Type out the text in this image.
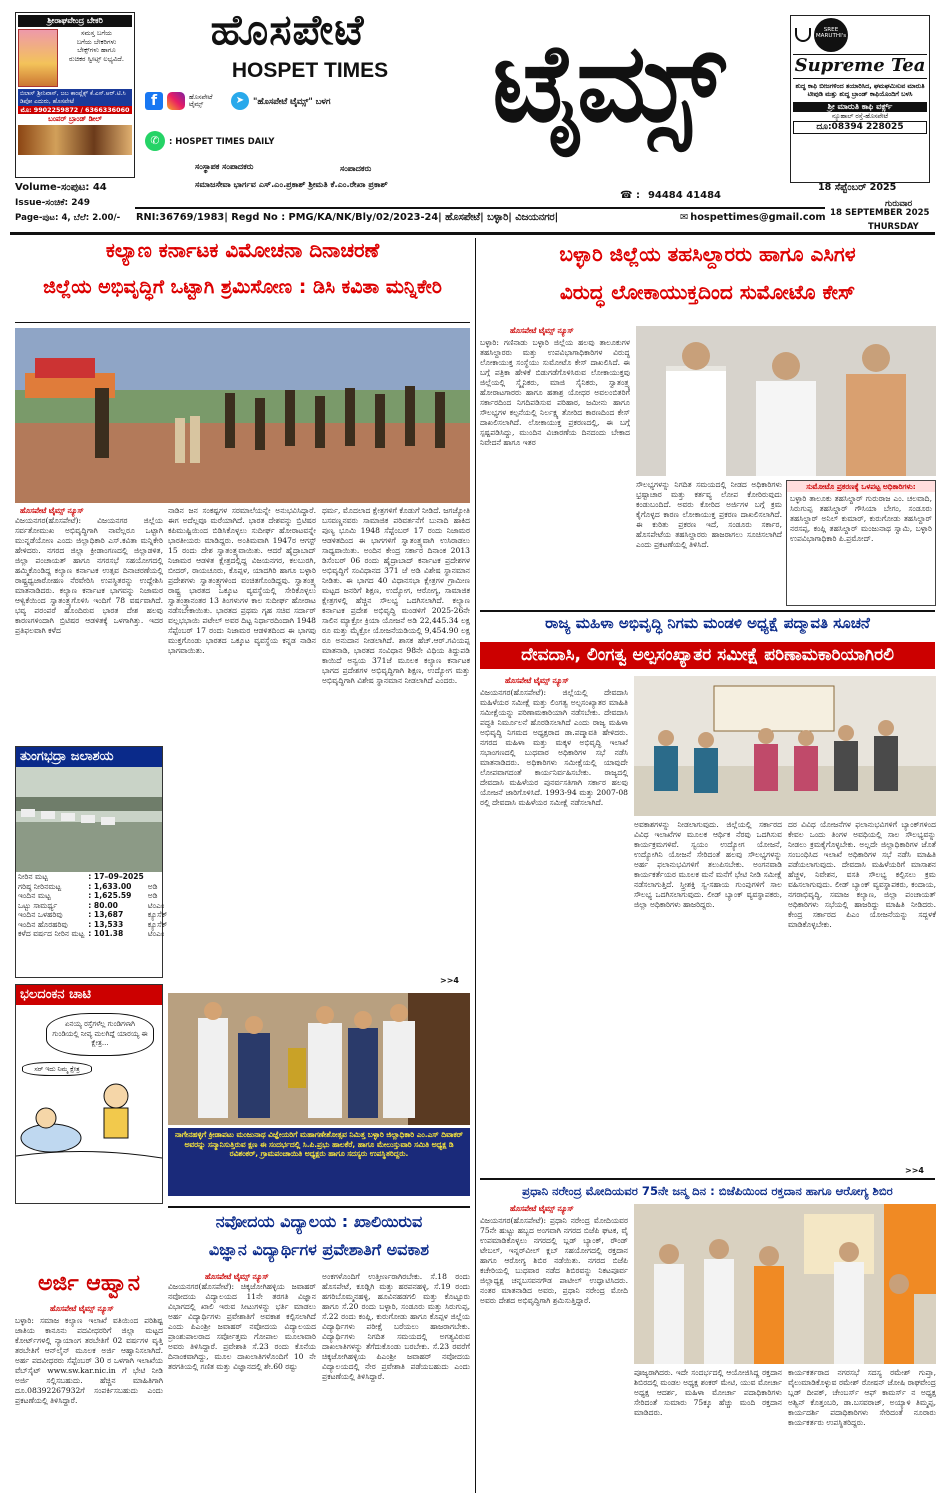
ಶ್ರೀರಾಘವೇಂದ್ರ ಬೇಕರಿ
ಸಮಸ್ತ ಬಗೆಯ
ಬಗೆಯ ಬೇಕರಿಗಳು
ಬೇಕ್ಸ್‌ಗಳು ಹಾಗೂ
ರುಚಿಕರ ಸ್ವೀಟ್ಸ್ ಲಭ್ಯವಿದೆ.
ಬಿಲಾಸ್ ಶ್ರೀನಿವಾಸ್, ಜಬ ಕಾಂಪ್ಲೆಕ್ಸ್ ಕೆ.ಎಸ್.ಆರ್.ಟಿ.ಸಿ ಡಿಪೋ ಎದುರು, ಹೊಸಪೇಟೆ
ಮೊ: 9902259872 / 6366336060
ಬಂಪರ್ ಬ್ರಾಂಡ್ ಡೀಲ್
ಹೊಸಪೇಟೆ
HOSPET TIMES
f	ಹೊಸಪೇಟೆ ಟೈಮ್ಸ್	➤	"ಹೊಸಪೇಟೆ ಟೈಮ್ಸ್" ಬಳಗ
✆	: HOSPET TIMES DAILY	ಟೈಮ್ಸ್	SREE MARUTHI's
Supreme Tea
ಶುದ್ಧ ಕಾಫಿ ಬೀಜಗಳಿಂದ ತಯಾರಿಸಿದ, ಘಮಘಮಿಸುವ ಮಾರುತಿ ಟೀಪುಡಿ ಮತ್ತು ಶುದ್ಧ ಬ್ರಾಂಡ್ ಕಾಫಿಯೊಂದಿಗೆ ಬಳಸಿ
ಶ್ರೀ ಮಾರುತಿ ಕಾಫಿ ವರ್ಕ್ಸ್
ನ್ಯೂಹಾಲ್ ರಸ್ತೆ-ಹೊಸಪೇಟೆ
ದೂ:08394 228025
ಸಂಸ್ಥಾಪಕ ಸಂಪಾದಕರು	ಸಂಪಾದಕರು
ಸಮಾಜಸೇವಾ ಭಾರ್ಗವ ಎಸ್.ಎಂ.ಪ್ರಕಾಶ್ ಶ್ರೀಮತಿ ಕೆ.ಎಂ.ರೇಖಾ ಪ್ರಕಾಶ್
☎ : 94484 41484
18 ಸೆಪ್ಟೆಂಬರ್ 2025
ಗುರುವಾರ
Volume-ಸಂಪುಟ: 44
Issue-ಸಂಚಿಕೆ: 249
Page-ಪುಟ: 4, ಬೆಲೆ: 2.00/- RNI:36769/1983| Regd No : PMG/KA/NK/Bly/02/2023-24| ಹೊಸಪೇಟೆ| ಬಳ್ಳಾರಿ| ವಿಜಯನಗರ|	✉ hospettimes@gmail.com 18 SEPTEMBER 2025
THURSDAY
ಕಲ್ಯಾಣ ಕರ್ನಾಟಕ ವಿಮೋಚನಾ ದಿನಾಚರಣೆ
ಜಿಲ್ಲೆಯ ಅಭಿವೃದ್ಧಿಗೆ ಒಟ್ಟಾಗಿ ಶ್ರಮಿಸೋಣ : ಡಿಸಿ ಕವಿತಾ ಮನ್ನಿಕೇರಿ
ಹೊಸಪೇಟೆ ಟೈಮ್ಸ್ ನ್ಯೂಸ್
ವಿಜಯನಗರ(ಹೊಸಪೇಟೆ): ವಿಜಯನಗರ ಜಿಲ್ಲೆಯ ಸರ್ವತೋಮುಖ ಅಭಿವೃದ್ಧಿಗಾಗಿ ನಾವೆಲ್ಲರೂ ಒಟ್ಟಾಗಿ ಮುನ್ನಡೆಯೋಣ ಎಂದು ಜಿಲ್ಲಾಧಿಕಾರಿ ಎಸ್.ಕವಿತಾ ಮನ್ನಿಕೇರಿ ಹೇಳಿದರು. ನಗರದ ಜಿಲ್ಲಾ ಕ್ರೀಡಾಂಗಣದಲ್ಲಿ ಜಿಲ್ಲಾಡಳಿತ, ಜಿಲ್ಲಾ ಪಂಚಾಯತ್ ಹಾಗೂ ನಗರಸಭೆ ಸಹಯೋಗದಲ್ಲಿ ಹಮ್ಮಿಕೊಂಡಿದ್ದ ಕಲ್ಯಾಣ ಕರ್ನಾಟಕ ಉತ್ಸವ ದಿನಾಚರಣೆಯಲ್ಲಿ ರಾಷ್ಟ್ರಧ್ವಜಾರೋಹಣ ನೆರವೇರಿಸಿ ಉಪಸ್ಥಿತರನ್ನು ಉದ್ದೇಶಿಸಿ ಮಾತನಾಡಿದರು. ಕಲ್ಯಾಣ ಕರ್ನಾಟಕ ಭಾಗವನ್ನು ನಿಜಾಮರ ಆಳ್ವಿಕೆಯಿಂದ ಸ್ವಾತಂತ್ರ್ಯಗೊಳಿಸಿ ಇಂದಿಗೆ 78 ವರ್ಷವಾಗಿದೆ. ಭವ್ಯ ಪರಂಪರೆ ಹೊಂದಿರುವ ಭಾರತ ದೇಶ ಹಲವು ಕಾರಣಗಳಿಂದಾಗಿ ಬ್ರಿಟಿಷರ ಆಡಳಿತಕ್ಕೆ ಒಳಗಾಗಿತ್ತು. ಇದರ ಪ್ರತಿಫಲವಾಗಿ ಕಳೆದ
ನಾಡಿನ ಜನ ಸಂಕಷ್ಟಗಳ ಸರಮಾಲೆಯನ್ನೇ ಅನುಭವಿಸಿದ್ದಾರೆ. ಈಗ ಅದೆಲ್ಲವೂ ಮರೆಯಾಗಿದೆ. ಭಾರತ ದೇಶವನ್ನು ಬ್ರಿಟಿಷರ ಕಪಿಮುಷ್ಟಿಯಿಂದ ಬಿಡಿಸಿಕೊಳ್ಳಲು ಸುದೀರ್ಘ ಹೋರಾಟವನ್ನೇ ಭಾರತೀಯರು ಮಾಡಿದ್ದರು. ಅಂತಿಮವಾಗಿ 1947ರ ಆಗಸ್ಟ್ 15 ರಂದು ದೇಶ ಸ್ವಾತಂತ್ರ್ಯವಾಯಿತು. ಆದರೆ ಹೈದ್ರಾಬಾದ್ ನಿಜಾಮರ ಆಡಳಿತ ಕ್ಷೇತ್ರದಲ್ಲಿದ್ದ ವಿಜಯನಗರ, ಕಲಬುರಗಿ, ಬೀದರ್, ರಾಯಚೂರು, ಕೊಪ್ಪಳ, ಯಾದಗಿರಿ ಹಾಗೂ ಬಳ್ಳಾರಿ ಪ್ರದೇಶಗಳು ಸ್ವಾತಂತ್ರ್ಯಗಳಿಂದ ವಂಚಿತಗೊಂಡಿದ್ದವು. ಸ್ವಾತಂತ್ರ್ಯ ರಾಷ್ಟ್ರ ಭಾರತದ ಒಕ್ಕೂಟ ವ್ಯವಸ್ಥೆಯಲ್ಲಿ ಸೇರಿಕೊಳ್ಳಲು ಸ್ವಾತಂತ್ರ್ಯಾನಂತರ 13 ತಿಂಗಳುಗಳ ಕಾಲ ಸುದೀರ್ಘ ಹೋರಾಟ ನಡೆಸಬೇಕಾಯಿತು. ಭಾರತದ ಪ್ರಥಮ ಗೃಹ ಸಚಿವ ಸರ್ದಾರ್ ವಲ್ಲಭಭಾಯಿ ಪಟೇಲ್ ಅವರ ದಿಟ್ಟ ನಿರ್ಧಾರದಿಂದಾಗಿ 1948 ಸೆಪ್ಟೆಂಬರ್ 17 ರಂದು ನಿಜಾಮರ ಆಡಳಿತದಿಂದ ಈ ಭಾಗವು ಮುಕ್ತಗೊಂಡು ಭಾರತದ ಒಕ್ಕೂಟ ವ್ಯವಸ್ಥೆಯ ಕನ್ನಡ ನಾಡಿನ ಭಾಗವಾಯಿತು.
ಧರ್ಮ, ಮೊದಲಾದ ಕ್ಷೇತ್ರಗಳಿಗೆ ಕೊಡುಗೆ ನೀಡಿದೆ. ಜಗಜ್ಯೋತಿ ಬಸವಣ್ಣನವರು ಸಾಮಾಜಿಕ ಪರಿವರ್ತನೆಗೆ ಬುನಾದಿ ಹಾಕಿದ ಪುಣ್ಯ ಭೂಮಿ 1948 ಸೆಪ್ಟೆಂಬರ್ 17 ರಂದು ನಿಜಾಮರ ಆಡಳಿತದಿಂದ ಈ ಭಾಗಗಳಿಗೆ ಸ್ವಾತಂತ್ರ್ಯವಾಗಿ ಉಸಿರಾಡಲು ಸಾಧ್ಯವಾಯಿತು. ಅಂದಿನ ಕೇಂದ್ರ ಸರ್ಕಾರ ದಿನಾಂಕ 2013 ಡಿಸೆಂಬರ್ 06 ರಂದು ಹೈದ್ರಾಬಾದ್ ಕರ್ನಾಟಕ ಪ್ರದೇಶಗಳ ಅಭಿವೃದ್ಧಿಗೆ ಸಂವಿಧಾನದ 371 ಜೆ ಅಡಿ ವಿಶೇಷ ಸ್ಥಾನಮಾನ ನೀಡಿತು. ಈ ಭಾಗದ 40 ವಿಧಾನಸಭಾ ಕ್ಷೇತ್ರಗಳ ಗ್ರಾಮೀಣ ಮಟ್ಟದ ಜನರಿಗೆ ಶಿಕ್ಷಣ, ಉದ್ಯೋಗ, ಆರೋಗ್ಯ, ಸಾಮಾಜಿಕ ಕ್ಷೇತ್ರಗಳಲ್ಲಿ ಹೆಚ್ಚಿನ ಸೌಲಭ್ಯ ಒದಗಿಸಲಾಗಿದೆ. ಕಲ್ಯಾಣ ಕರ್ನಾಟಕ ಪ್ರದೇಶ ಅಭಿವೃದ್ಧಿ ಮಂಡಳಿಗೆ 2025-26ನೇ ಸಾಲಿನ ಮ್ಯಾಕ್ರೋ ಕ್ರಿಯಾ ಯೋಜನೆ ಅಡಿ 22,445.34 ಲಕ್ಷ ರೂ ಮತ್ತು ಮೈಕ್ರೋ ಯೋಜನೆಯಡಿಯಲ್ಲಿ 9,454.90 ಲಕ್ಷ ರೂ ಅನುದಾನ ನೀಡಲಾಗಿದೆ. ಶಾಸಕ ಹೆಚ್.ಆರ್.ಗವಿಯಪ್ಪ ಮಾತನಾಡಿ, ಭಾರತದ ಸಂವಿಧಾನ 98ನೇ ವಿಧಿಯ ತಿದ್ದುಪಡಿ ಕಾಯಿದೆ ಅನ್ವಯ 371ಜೆ ಮೂಲಕ ಕಲ್ಯಾಣ ಕರ್ನಾಟಕ ಭಾಗದ ಪ್ರದೇಶಗಳ ಅಭಿವೃದ್ಧಿಗಾಗಿ ಶಿಕ್ಷಣ, ಉದ್ಯೋಗ ಮತ್ತು ಅಭಿವೃದ್ಧಿಗಾಗಿ ವಿಶೇಷ ಸ್ಥಾನಮಾನ ನೀಡಲಾಗಿದೆ ಎಂದರು.
>>4
ತುಂಗಭದ್ರಾ ಜಲಾಶಯ
ನೀರಿನ ಮಟ್ಟ	: 17–09–2025	
ಗರಿಷ್ಠ ನೀರಿನಮಟ್ಟ	: 1,633.00	ಅಡಿ
ಇಂದಿನ ಮಟ್ಟ	: 1,625.59	ಅಡಿ
ಒಟ್ಟು ಸಾಮರ್ಥ್ಯ	: 80.00	ಟಿಂಎಂ
ಇಂದಿನ ಒಳಹರಿವು	: 13,687	ಕ್ಯೂಸೆಕ್
ಇಂದಿನ ಹೊರಹರಿವು	: 13,533	ಕ್ಯೂಸೆಕ್
ಕಳೆದ ವರ್ಷದ ನೀರಿನ ಮಟ್ಟ	: 101.38	ಟಿಂಎಂ
ಭಲದಂಕನ ಚಾಟಿ
ಏನಯ್ಯ ರಸ್ತೆಗಳೆಲ್ಲ ಗುಂಡಿಗಳಾಗಿ ಗುಂಡಿಯಲ್ಲಿ ನೀವ್ಯ ಮಲಗಿದ್ದೆ ಯಾರಯ್ಯ ಈ ಕ್ಷೇತ್ರ...
ಸರ್ ಇದು ನಿಮ್ಮ ಕ್ಷೇತ್ರ
ಅರ್ಜಿ ಆಹ್ವಾನ
ಹೊಸಪೇಟೆ ಟೈಮ್ಸ್ ನ್ಯೂಸ್
ಬಳ್ಳಾರಿ: ಸಮಾಜ ಕಲ್ಯಾಣ ಇಲಾಖೆ ವತಿಯಿಂದ ಪರಿಶಿಷ್ಟ ಜಾತಿಯ ಕಾನೂನು ಪದವೀಧರರಿಗೆ ಜಿಲ್ಲಾ ಮಟ್ಟದ ಕೋರ್ಟ್‌ಗಳಲ್ಲಿ ನ್ಯಾಯಾಂಗ ತರಬೇತಿಗೆ 02 ವರ್ಷಗಳ ವೃತ್ತಿ ತರಬೇತಿಗೆ ಆನ್‌ಲೈನ್ ಮೂಲಕ ಅರ್ಜಿ ಆಹ್ವಾನಿಸಲಾಗಿದೆ. ಅರ್ಹ ಪದವೀಧರರು ಸೆಪ್ಟೆಂಬರ್ 30 ರ ಒಳಗಾಗಿ ಇಲಾಖೆಯ ವೆಬ್‌ಸೈಟ್ www.sw.kar.nic.in ಗೆ ಭೇಟಿ ನೀಡಿ ಅರ್ಜಿ ಸಲ್ಲಿಸಬಹುದು. ಹೆಚ್ಚಿನ ಮಾಹಿತಿಗಾಗಿ ದೂ.08392267932ಗೆ ಸಂಪರ್ಕಿಸಬಹುದು ಎಂದು ಪ್ರಕಟಣೆಯಲ್ಲಿ ತಿಳಿಸಿದ್ದಾರೆ.
ನಾಗೇನಹಳ್ಳಿಗೆ ಕ್ರೀಡಾಪಟು ಮಂಜುನಾಥ ವಿಜ್ಞೇಯರಿಗೆ ಮಹಾಗಣೇಶೋತ್ಸವ ನಿಮಿತ್ತ ಬಳ್ಳಾರಿ ಜಿಲ್ಲಾಧಿಕಾರಿ ಎಂ.ಎಸ್ ದಿವಾಕರ್ ಅವರನ್ನು ಸನ್ಮಾನಿಸುತ್ತಿರುವ ಕ್ಷಣ ಈ ಸಂದರ್ಭದಲ್ಲಿ ಸಿ.ಪಿ.ಪ್ರಭು ಹಾಲಕೆರೆ, ಹಾಗೂ ಮೇಲುಸ್ತುವಾರಿ ಸಮಿತಿ ಅಧ್ಯಕ್ಷ ಡಿ ರವಿಶಂಕರ್, ಗ್ರಾಮಪಂಚಾಯಿತಿ ಅಧ್ಯಕ್ಷರು ಹಾಗೂ ಸದಸ್ಯರು ಉಪಸ್ಥಿತರಿದ್ದರು.
ನವೋದಯ ವಿದ್ಯಾಲಯ : ಖಾಲಿಯಿರುವ
ವಿಜ್ಞಾನ ವಿದ್ಯಾರ್ಥಿಗಳ ಪ್ರವೇಶಾತಿಗೆ ಅವಕಾಶ
ಹೊಸಪೇಟೆ ಟೈಮ್ಸ್ ನ್ಯೂಸ್
ವಿಜಯನಗರ(ಹೊಸಪೇಟೆ): ಚಿಕ್ಕಜೋಗಿಹಳ್ಳಿಯ ಜವಾಹರ್ ನವೋದಯ ವಿದ್ಯಾಲಯದ 11ನೇ ತರಗತಿ ವಿಜ್ಞಾನ ವಿಭಾಗದಲ್ಲಿ ಖಾಲಿ ಇರುವ ಸೀಟುಗಳನ್ನು ಭರ್ತಿ ಮಾಡಲು ಅರ್ಹ ವಿದ್ಯಾರ್ಥಿಗಳು ಪ್ರವೇಶಾತಿಗೆ ಅವಕಾಶ ಕಲ್ಪಿಸಲಾಗಿದೆ ಎಂದು ಪಿಎಂಶ್ರೀ ಜವಾಹರ್ ನವೋದಯ ವಿದ್ಯಾಲಯದ ಪ್ರಾಂಶುಪಾಲರಾದ ಸರ್ವೋತ್ತಮ ಗೋಪಾಲ ಮೂಲಾವಾರಿ ಅವರು ತಿಳಿಸಿದ್ದಾರೆ. ಪ್ರವೇಶಾತಿ ಸೆ.23 ರಂದು ಕೊನೆಯ ದಿನಾಂಕವಾಗಿದ್ದು, ಮೂಲ ದಾಖಲಾತಿಗಳೊಂದಿಗೆ 10 ನೇ ತರಗತಿಯಲ್ಲಿ ಗಣಿತ ಮತ್ತು ವಿಜ್ಞಾನದಲ್ಲಿ ಶೇ.60 ರಷ್ಟು
ಅಂಕಗಳೊಂದಿಗೆ ಉತ್ತೀರ್ಣರಾಗಿರಬೇಕು. ಸೆ.18 ರಂದು ಹೊಸಪೇಟೆ, ಕೂಡ್ಲಿಗಿ ಮತ್ತು ಹರಪನಹಳ್ಳಿ, ಸೆ.19 ರಂದು ಹಗರಿಬೊಮ್ಮನಹಳ್ಳಿ, ಹೂವಿನಹಡಗಲಿ ಮತ್ತು ಕೊಟ್ಟೂರು ಹಾಗೂ ಸೆ.20 ರಂದು ಬಳ್ಳಾರಿ, ಸಂಡೂರು ಮತ್ತು ಸಿರುಗುಪ್ಪ, ಸೆ.22 ರಂದು ಕಂಪ್ಲಿ, ಕುರುಗೋಡು ಹಾಗೂ ಕೊಪ್ಪಳ ಜಿಲ್ಲೆಯ ವಿದ್ಯಾರ್ಥಿಗಳು ಪರೀಕ್ಷೆ ಬರೆಯಲು ಹಾಜರಾಗಬೇಕು. ವಿದ್ಯಾರ್ಥಿಗಳು ನಿಗದಿತ ಸಮಯದಲ್ಲಿ ಅಗತ್ಯವಿರುವ ದಾಖಲಾತಿಗಳನ್ನು ತೆಗೆದುಕೊಂಡು ಬರಬೇಕು. ಸೆ.23 ರವರೆಗೆ ಚಿಕ್ಕಜೋಗಿಹಳ್ಳಿಯ ಪಿಎಂಶ್ರೀ ಜವಾಹರ್ ನವೋದಯ ವಿದ್ಯಾಲಯದಲ್ಲಿ ನೇರ ಪ್ರವೇಶಾತಿ ಪಡೆಯಬಹುದು ಎಂದು ಪ್ರಕಟಣೆಯಲ್ಲಿ ತಿಳಿಸಿದ್ದಾರೆ.
ಬಳ್ಳಾರಿ ಜಿಲ್ಲೆಯ ತಹಸಿಲ್ದಾರರು ಹಾಗೂ ಎಸಿಗಳ
ವಿರುದ್ಧ ಲೋಕಾಯುಕ್ತದಿಂದ ಸುಮೋಟೊ ಕೇಸ್
ಹೊಸಪೇಟೆ ಟೈಮ್ಸ್ ನ್ಯೂಸ್
ಬಳ್ಳಾರಿ: ಗಣಿನಾಡು ಬಳ್ಳಾರಿ ಜಿಲ್ಲೆಯ ಹಲವು ತಾಲೂಕುಗಳ ತಹಸಿಲ್ದಾರರು ಮತ್ತು ಉಪವಿಭಾಗಾಧಿಕಾರಿಗಳ ವಿರುದ್ಧ ಲೋಕಾಯುಕ್ತ ಸಂಸ್ಥೆಯು ಸುಮೋಟೊ ಕೇಸ್ ದಾಖಲಿಸಿದೆ. ಈ ಬಗ್ಗೆ ಪತ್ರಿಕಾ ಹೇಳಿಕೆ ಬಿಡುಗಡೆಗೊಳಿಸಿರುವ ಲೋಕಾಯುಕ್ತವು ಜಿಲ್ಲೆಯಲ್ಲಿ ಸ್ಮೈನಿಕರು, ಮಾಜಿ ಸೈನಿಕರು, ಸ್ವಾತಂತ್ರ್ಯ ಹೋರಾಟಗಾರರು ಹಾಗೂ ಹತಾಶ್ರ ಯೋಧರ ಅವಲಂಬಿತರಿಗೆ ಸರ್ಕಾರದಿಂದ ನಿಗದಿಪಡಿಸುವ ಪರಿಹಾರ, ಜಮೀನು ಹಾಗೂ ಸೌಲಭ್ಯಗಳ ಕಲ್ಪನೆಯಲ್ಲಿ ನಿರ್ಲಕ್ಷ್ಯ ತೋರಿದ ಕಾರಣದಿಂದ ಕೇಸ್ ದಾಖಲಿಸಲಾಗಿದೆ. ಲೋಕಾಯುಕ್ತ ಪ್ರಕರಣದಲ್ಲಿ, ಈ ಬಗ್ಗೆ ಸ್ಪಷ್ಟಪಡಿಸಿದ್ದು, ಮುಂದಿನ ವಿಚಾರಣೆಯ ದಿನದಂದು ಬೇಕಾದ ನಿವೇದನೆ ಹಾಗೂ ಇತರ
ಸೌಲಭ್ಯಗಳನ್ನು ನಿಗದಿತ ಸಮಯದಲ್ಲಿ ನೀಡದ ಅಧಿಕಾರಿಗಳು ಭ್ರಷ್ಟಾಚಾರ ಮತ್ತು ಕರ್ತವ್ಯ ಲೋಪ ಕೋರಿರುವುದು ಕಂಡುಬಂದಿದೆ. ಅವರು ಕೋರಿದ ಅರ್ಜಿಗಳ ಬಗ್ಗೆ ಕ್ರಮ ಕೈಗೊಳ್ಳದ ಕಾರಣ ಲೋಕಾಯುಕ್ತ ಪ್ರಕರಣ ದಾಖಲಿಸಲಾಗಿದೆ. ಈ ಕುರಿತು ಪ್ರಕರಣ ಇದೆ, ಸಂಡೂರು ಸರ್ಕಾರ, ಹೊಸಪೇಟೆಯ ತಹಸಿಲ್ದಾರರು ಹಾಜರಾಗಲು ಸೂಚಿಸಲಾಗಿದೆ ಎಂದು ಪ್ರಕಟಣೆಯಲ್ಲಿ ತಿಳಿಸಿದೆ.
ಸುಮೋಟೊ ಪ್ರಕರಣಕ್ಕೆ ಒಳಪಟ್ಟ ಅಧಿಕಾರಿಗಳು:
ಬಳ್ಳಾರಿ ತಾಲೂಕು ತಹಸಿಲ್ದಾರ್ ಗುರುರಾಜ ಎಂ. ಚಲವಾದಿ, ಸಿರುಗುಪ್ಪ ತಹಸಿಲ್ದಾರ್ ಗೌಸಿಯಾ ಬೇಗಂ, ಸಂಡೂರು ತಹಸಿಲ್ದಾರ್ ಅನಿಲ್ ಕುಮಾರ್, ಕುರುಗೋಡು ತಹಸಿಲ್ದಾರ್ ನರಸಪ್ಪ, ಕಂಪ್ಲಿ ತಹಸಿಲ್ದಾರ್ ಮಂಜುನಾಥ ಸ್ವಾಮಿ, ಬಳ್ಳಾರಿ ಉಪವಿಭಾಗಾಧಿಕಾರಿ ಪಿ.ಪ್ರಮೋದ್.
ರಾಜ್ಯ ಮಹಿಳಾ ಅಭಿವೃದ್ಧಿ ನಿಗಮ ಮಂಡಳಿ ಅಧ್ಯಕ್ಷೆ ಪದ್ಮಾವತಿ ಸೂಚನೆ
ದೇವದಾಸಿ, ಲಿಂಗತ್ವ ಅಲ್ಪಸಂಖ್ಯಾತರ ಸಮೀಕ್ಷೆ ಪರಿಣಾಮಕಾರಿಯಾಗಿರಲಿ
ಹೊಸಪೇಟೆ ಟೈಮ್ಸ್ ನ್ಯೂಸ್
ವಿಜಯನಗರ(ಹೊಸಪೇಟೆ): ಜಿಲ್ಲೆಯಲ್ಲಿ ದೇವದಾಸಿ ಮಹಿಳೆಯರ ಸಮೀಕ್ಷೆ ಮತ್ತು ಲಿಂಗತ್ವ ಅಲ್ಪಸಂಖ್ಯಾತರ ಮಾಹಿತಿ ಸಮೀಕ್ಷೆಯನ್ನು ಪರಿಣಾಮಕಾರಿಯಾಗಿ ನಡೆಸಬೇಕು. ದೇವದಾಸಿ ಪದ್ಧತಿ ನಿರ್ಮೂಲನೆ ಹೊರಡಿಸಲಾಗಿದೆ ಎಂದು ರಾಜ್ಯ ಮಹಿಳಾ ಅಭಿವೃದ್ಧಿ ನಿಗಮದ ಅಧ್ಯಕ್ಷರಾದ ಡಾ.ಪದ್ಮಾವತಿ ಹೇಳಿದರು. ನಗರದ ಮಹಿಳಾ ಮತ್ತು ಮಕ್ಕಳ ಅಭಿವೃದ್ಧಿ ಇಲಾಖೆ ಸಭಾಂಗಣದಲ್ಲಿ ಬುಧವಾರ ಅಧಿಕಾರಿಗಳ ಸಭೆ ನಡೆಸಿ ಮಾತನಾಡಿದರು. ಅಧಿಕಾರಿಗಳು ಸಮೀಕ್ಷೆಯಲ್ಲಿ ಯಾವುದೇ ಲೋಪವಾಗದಂತೆ ಕಾರ್ಯನಿರ್ವಹಿಸಬೇಕು. ರಾಜ್ಯದಲ್ಲಿ ದೇವದಾಸಿ ಮಹಿಳೆಯರ ಪುನರ್ವಸತಿಗಾಗಿ ಸರ್ಕಾರ ಹಲವು ಯೋಜನೆ ಜಾರಿಗೊಳಿಸಿದೆ. 1993-94 ಮತ್ತು 2007-08 ರಲ್ಲಿ ದೇವದಾಸಿ ಮಹಿಳೆಯರ ಸಮೀಕ್ಷೆ ನಡೆಸಲಾಗಿದೆ.
ಅವಕಾಶಗಳನ್ನು ನೀಡಲಾಗುವುದು. ಜಿಲ್ಲೆಯಲ್ಲಿ ಸರ್ಕಾರದ ವಿವಿಧ ಇಲಾಖೆಗಳ ಮೂಲಕ ಆರ್ಥಿಕ ನೆರವು ಒದಗಿಸುವ ಕಾರ್ಯಕ್ರಮಗಳಿವೆ. ಸ್ವಯಂ ಉದ್ಯೋಗ ಯೋಜನೆ, ಉದ್ಯೋಗಿನಿ ಯೋಜನೆ ಸೇರಿದಂತೆ ಹಲವು ಸೌಲಭ್ಯಗಳನ್ನು ಅರ್ಹ ಫಲಾನುಭವಿಗಳಿಗೆ ತಲುಪಿಸಬೇಕು. ಅಂಗನವಾಡಿ ಕಾರ್ಯಕರ್ತೆಯರ ಮೂಲಕ ಮನೆ ಮನೆಗೆ ಭೇಟಿ ನೀಡಿ ಸಮೀಕ್ಷೆ ನಡೆಸಲಾಗುತ್ತಿದೆ. ಸ್ತ್ರೀಶಕ್ತಿ ಸ್ವ-ಸಹಾಯ ಗುಂಪುಗಳಿಗೆ ಸಾಲ ಸೌಲಭ್ಯ ಒದಗಿಸಲಾಗುವುದು. ಲೀಡ್ ಬ್ಯಾಂಕ್ ವ್ಯವಸ್ಥಾಪಕರು, ಜಿಲ್ಲಾ ಅಧಿಕಾರಿಗಳು ಹಾಜರಿದ್ದರು.
ದರ ವಿವಿಧ ಯೋಜನೆಗಳ ಫಲಾನುಭವಿಗಳಿಗೆ ಬ್ಯಾಂಕ್‌ಗಳಿಂದ ಕೇವಲ ಒಂದು ತಿಂಗಳ ಅವಧಿಯಲ್ಲಿ ಸಾಲ ಸೌಲಭ್ಯವನ್ನು ನೀಡಲು ಕ್ರಮಕೈಗೊಳ್ಳಬೇಕು. ಅಲ್ಲದೇ ಜಿಲ್ಲಾಧಿಕಾರಿಗಳ ಜೊತೆ ಸಂಬಂಧಿಸಿದ ಇಲಾಖೆ ಅಧಿಕಾರಿಗಳ ಸಭೆ ನಡೆಸಿ ಮಾಹಿತಿ ಪಡೆಯಲಾಗುವುದು. ದೇವದಾಸಿ ಮಹಿಳೆಯರಿಗೆ ಮಾಸಾಶನ ಹೆಚ್ಚಳ, ನಿವೇಶನ, ವಸತಿ ಸೌಲಭ್ಯ ಕಲ್ಪಿಸಲು ಕ್ರಮ ವಹಿಸಲಾಗುವುದು. ಲೀಡ್ ಬ್ಯಾಂಕ್ ವ್ಯವಸ್ಥಾಪಕರು, ಕಂದಾಯ, ನಗರಾಭಿವೃದ್ಧಿ, ಸಮಾಜ ಕಲ್ಯಾಣ, ಜಿಲ್ಲಾ ಪಂಚಾಯತ್ ಅಧಿಕಾರಿಗಳು ಸಭೆಯಲ್ಲಿ ಹಾಜರಿದ್ದು ಮಾಹಿತಿ ನೀಡಿದರು. ಕೇಂದ್ರ ಸರ್ಕಾರದ ಪಿಎಂ ಯೋಜನೆಯನ್ನು ಸದ್ಬಳಕೆ ಮಾಡಿಕೊಳ್ಳಬೇಕು.
>>4
ಪ್ರಧಾನಿ ನರೇಂದ್ರ ಮೋದಿಯವರ 75ನೇ ಜನ್ಮ ದಿನ : ಬಿಜೆಪಿಯಿಂದ ರಕ್ತದಾನ ಹಾಗೂ ಆರೋಗ್ಯ ಶಿಬಿರ
ಹೊಸಪೇಟೆ ಟೈಮ್ಸ್ ನ್ಯೂಸ್
ವಿಜಯನಗರ(ಹೊಸಪೇಟೆ): ಪ್ರಧಾನಿ ನರೇಂದ್ರ ಮೋದಿಯವರ 75ನೇ ಹುಟ್ಟು ಹಬ್ಬದ ಅಂಗವಾಗಿ ನಗರದ ಬಿಜೆಪಿ ಘಟಕ, ವೈ ಉಪಮಾಡಿಕೊಳ್ಳಲು ನಗರದಲ್ಲಿ ಬ್ಲಡ್ ಬ್ಯಾಂಕ್, ರೌಂಡ್ ಟೇಬಲ್, ಇನ್ನರ್‌ವೀಲ್ ಕ್ಲಬ್ ಸಹಯೋಗದಲ್ಲಿ ರಕ್ತದಾನ ಹಾಗೂ ಆರೋಗ್ಯ ಶಿಬಿರ ನಡೆಯಿತು. ನಗರದ ಬಿಜೆಪಿ ಕಚೇರಿಯಲ್ಲಿ ಬುಧವಾರ ನಡೆದ ಶಿಬಿರವನ್ನು ನಿಕಟಪೂರ್ವ ಜಿಲ್ಲಾಧ್ಯಕ್ಷ ಚನ್ನಬಸವನಗೌಡ ಪಾಟೀಲ್ ಉದ್ಘಾಟಿಸಿದರು. ನಂತರ ಮಾತನಾಡಿದ ಅವರು, ಪ್ರಧಾನಿ ನರೇಂದ್ರ ಮೋದಿ ಅವರು ದೇಶದ ಅಭಿವೃದ್ಧಿಗಾಗಿ ಶ್ರಮಿಸುತ್ತಿದ್ದಾರೆ.
ಪೂಜ್ಯರಾಗಿದರು. ಇದೇ ಸಂದರ್ಭದಲ್ಲಿ ಆಯೋಜಿಸಿದ್ದ ರಕ್ತದಾನ ಶಿಬಿರದಲ್ಲಿ ಮಂಡಲ ಅಧ್ಯಕ್ಷ ಶಂಕರ್ ಮೇಟಿ, ಯುವ ಮೋರ್ಚಾ ಅಧ್ಯಕ್ಷ ಆದರ್ಶ, ಮಹಿಳಾ ಮೋರ್ಚಾ ಪದಾಧಿಕಾರಿಗಳು ಸೇರಿದಂತೆ ಸುಮಾರು 75ಕ್ಕೂ ಹೆಚ್ಚು ಮಂದಿ ರಕ್ತದಾನ ಮಾಡಿದರು.
ಕಾರ್ಯಕರ್ತರಾದ ನಗರಸಭೆ ಸದಸ್ಯ ರಮೇಶ್ ಗುಪ್ತಾ, ವೈಲುಮಾಡಿಕೊಳ್ಳುವ ರಮೇಶ್ ರೋಷನ್ ಜೋಷಿ ರಾಘವೇಂದ್ರ ಬ್ಲಡ್ ದೀಪಕ್, ಚೇಂಬರ್ಸ್ ಆಫ್ ಕಾಮರ್ಸ್ ನ ಅಧ್ಯಕ್ಷ ಅಶ್ವಿನ್ ಕೊತ್ತಂಬರಿ, ಡಾ.ಬಸವರಾಜ್, ಅಯ್ಯಾಳಿ ತಿಮ್ಮಪ್ಪ, ಕಾರ್ಯದರ್ಶಿ ಪದಾಧಿಕಾರಿಗಳು ಸೇರಿದಂತೆ ನೂರಾರು ಕಾರ್ಯಕರ್ತರು ಉಪಸ್ಥಿತರಿದ್ದರು.
